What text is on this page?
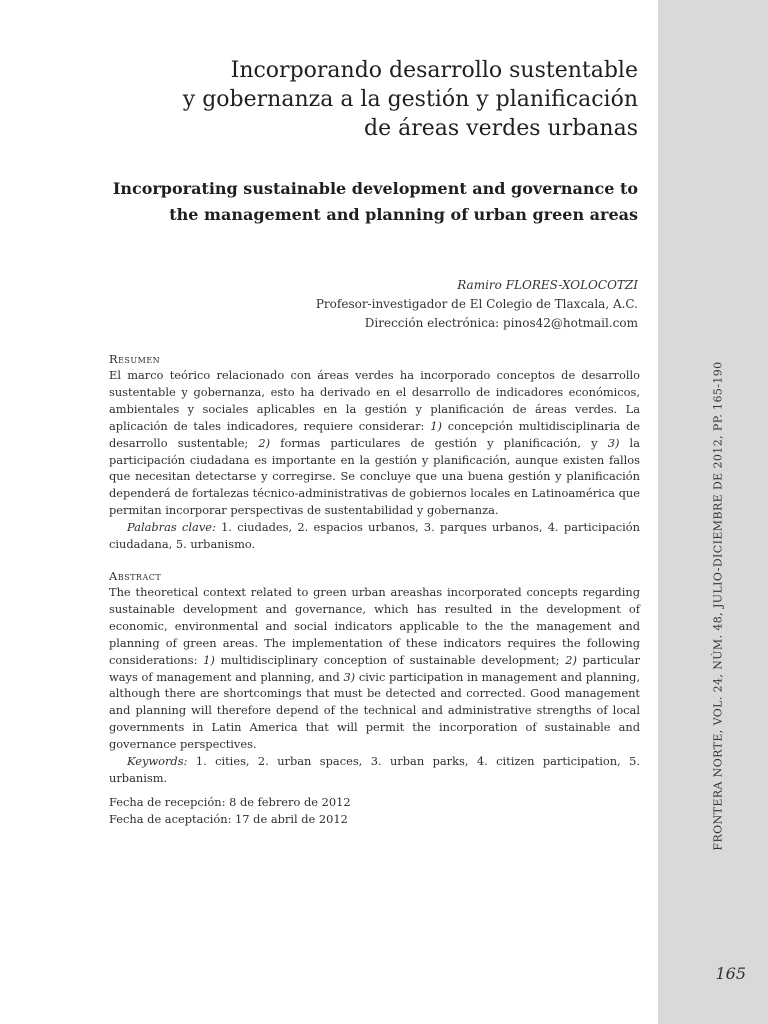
Incorporando desarrollo sustentable
y gobernanza a la gestión y planificación
de áreas verdes urbanas
Incorporating sustainable development and governance to
the management and planning of urban green areas
Ramiro FLORES-XOLOCOTZI
Profesor-investigador de El Colegio de Tlaxcala, A.C.
Dirección electrónica: pinos42@hotmail.com
Resumen
El marco teórico relacionado con áreas verdes ha incorporado conceptos de desarrollo sustentable y gobernanza, esto ha derivado en el desarrollo de indicadores económicos, ambientales y sociales aplicables en la gestión y planificación de áreas verdes. La aplicación de tales indicadores, requiere considerar: 1) concepción multidisciplinaria de desarrollo sustentable; 2) formas particulares de gestión y planificación, y 3) la participación ciudadana es importante en la gestión y planificación, aunque existen fallos que necesitan detectarse y corregirse. Se concluye que una buena gestión y planificación dependerá de fortalezas técnico-administrativas de gobiernos locales en Latinoamérica que permitan incorporar perspectivas de sustentabilidad y gobernanza.
Palabras clave: 1. ciudades, 2. espacios urbanos, 3. parques urbanos, 4. participación ciudadana, 5. urbanismo.
Abstract
The theoretical context related to green urban areashas incorporated concepts regarding sustainable development and governance, which has resulted in the development of economic, environmental and social indicators applicable to the the management and planning of green areas. The implementation of these indicators requires the following considerations: 1) multidisciplinary conception of sustainable development; 2) particular ways of management and planning, and 3) civic participation in management and planning, although there are shortcomings that must be detected and corrected. Good management and planning will therefore depend of the technical and administrative strengths of local governments in Latin America that will permit the incorporation of sustainable and governance perspectives.
Keywords: 1. cities, 2. urban spaces, 3. urban parks, 4. citizen participation, 5. urbanism.
Fecha de recepción: 8 de febrero de 2012
Fecha de aceptación: 17 de abril de 2012	FRONTERA NORTE, VOL. 24, NÚM. 48, JULIO-DICIEMBRE DE 2012, PP. 165-190
165
